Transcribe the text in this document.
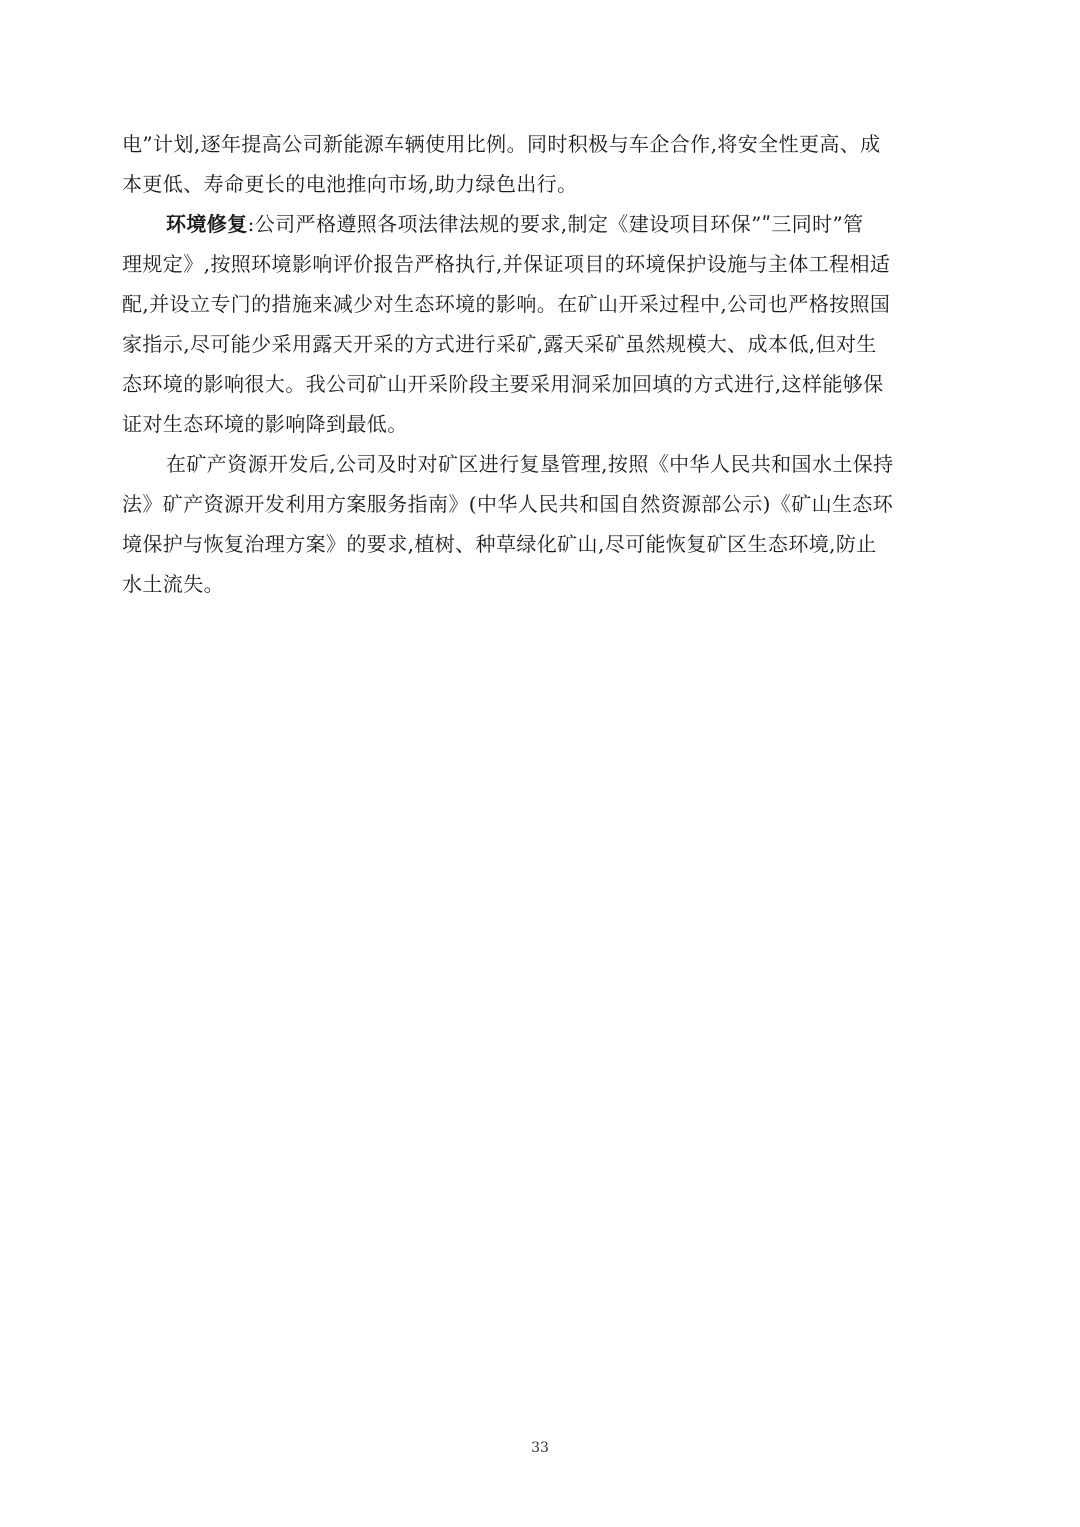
电”计划,逐年提高公司新能源车辆使用比例。同时积极与车企合作,将安全性更高、成
本更低、寿命更长的电池推向市场,助力绿色出行。
环境修复:公司严格遵照各项法律法规的要求,制定《建设项目环保”ʺ三同时”管
理规定》,按照环境影响评价报告严格执行,并保证项目的环境保护设施与主体工程相适
配,并设立专门的措施来减少对生态环境的影响。在矿山开采过程中,公司也严格按照国
家指示,尽可能少采用露天开采的方式进行采矿,露天采矿虽然规模大、成本低,但对生
态环境的影响很大。我公司矿山开采阶段主要采用洞采加回填的方式进行,这样能够保
证对生态环境的影响降到最低。
在矿产资源开发后,公司及时对矿区进行复垦管理,按照《中华人民共和国水土保持
法》矿产资源开发利用方案服务指南》(中华人民共和国自然资源部公示)《矿山生态环
境保护与恢复治理方案》的要求,植树、种草绿化矿山,尽可能恢复矿区生态环境,防止
水土流失。
33
